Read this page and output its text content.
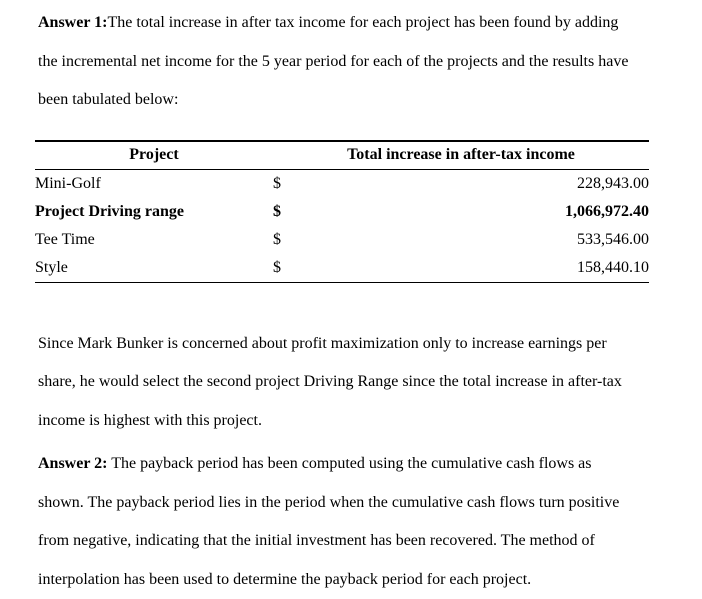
Answer 1:The total increase in after tax income for each project has been found by adding
the incremental net income for the 5 year period for each of the projects and the results have
been tabulated below:
Project	Total increase in after-tax income	
Mini-Golf	$	228,943.00
Project Driving range	$	1,066,972.40
Tee Time	$	533,546.00
Style	$	158,440.10
Since Mark Bunker is concerned about profit maximization only to increase earnings per
share, he would select the second project Driving Range since the total increase in after-tax
income is highest with this project.
Answer 2: The payback period has been computed using the cumulative cash flows as
shown. The payback period lies in the period when the cumulative cash flows turn positive
from negative, indicating that the initial investment has been recovered. The method of
interpolation has been used to determine the payback period for each project.
